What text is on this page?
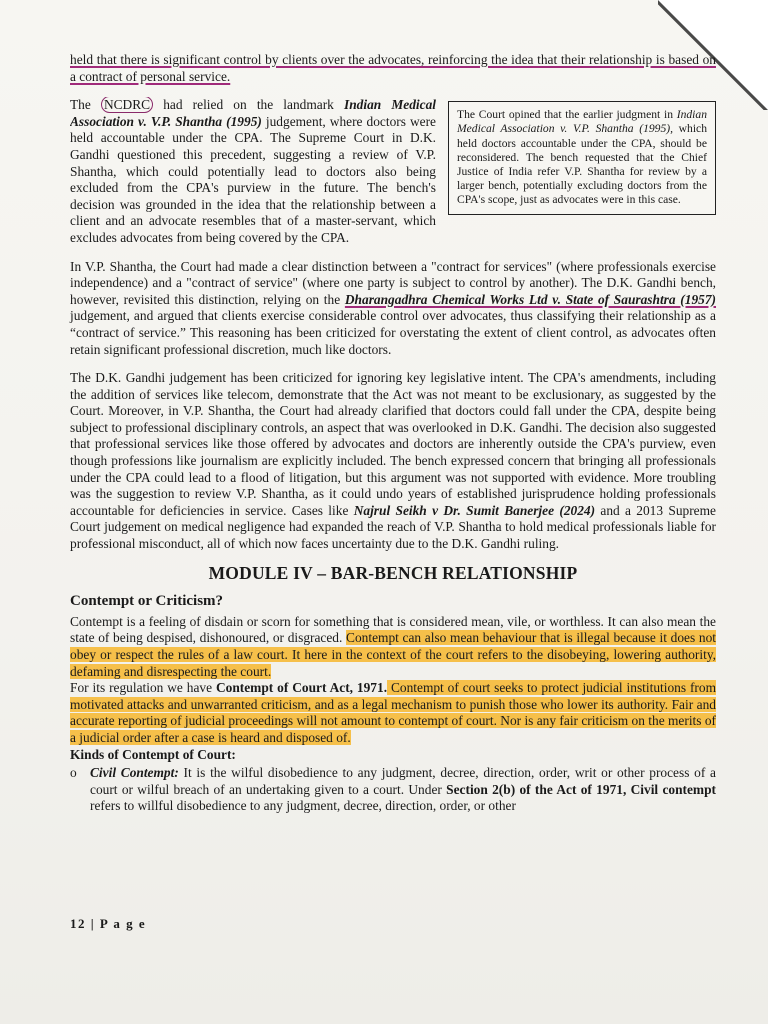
held that there is significant control by clients over the advocates, reinforcing the idea that their relationship is based on a contract of personal service.

The Court opined that the earlier judgment in Indian Medical Association v. V.P. Shantha (1995), which held doctors accountable under the CPA, should be reconsidered. The bench requested that the Chief Justice of India refer V.P. Shantha for review by a larger bench, potentially excluding doctors from the CPA's scope, just as advocates were in this case.

The NCDRC had relied on the landmark Indian Medical Association v. V.P. Shantha (1995) judgement, where doctors were held accountable under the CPA. The Supreme Court in D.K. Gandhi questioned this precedent, suggesting a review of V.P. Shantha, which could potentially lead to doctors also being excluded from the CPA's purview in the future. The bench's decision was grounded in the idea that the relationship between a client and an advocate resembles that of a master-servant, which excludes advocates from being covered by the CPA.

In V.P. Shantha, the Court had made a clear distinction between a "contract for services" (where professionals exercise independence) and a "contract of service" (where one party is subject to control by another). The D.K. Gandhi bench, however, revisited this distinction, relying on the Dharangadhra Chemical Works Ltd v. State of Saurashtra (1957) judgement, and argued that clients exercise considerable control over advocates, thus classifying their relationship as a “contract of service.” This reasoning has been criticized for overstating the extent of client control, as advocates often retain significant professional discretion, much like doctors.

The D.K. Gandhi judgement has been criticized for ignoring key legislative intent. The CPA's amendments, including the addition of services like telecom, demonstrate that the Act was not meant to be exclusionary, as suggested by the Court. Moreover, in V.P. Shantha, the Court had already clarified that doctors could fall under the CPA, despite being subject to professional disciplinary controls, an aspect that was overlooked in D.K. Gandhi. The decision also suggested that professional services like those offered by advocates and doctors are inherently outside the CPA's purview, even though professions like journalism are explicitly included. The bench expressed concern that bringing all professionals under the CPA could lead to a flood of litigation, but this argument was not supported with evidence. More troubling was the suggestion to review V.P. Shantha, as it could undo years of established jurisprudence holding professionals accountable for deficiencies in service. Cases like Najrul Seikh v Dr. Sumit Banerjee (2024) and a 2013 Supreme Court judgement on medical negligence had expanded the reach of V.P. Shantha to hold medical professionals liable for professional misconduct, all of which now faces uncertainty due to the D.K. Gandhi ruling.

MODULE IV – BAR-BENCH RELATIONSHIP
Contempt or Criticism?

Contempt is a feeling of disdain or scorn for something that is considered mean, vile, or worthless. It can also mean the state of being despised, dishonoured, or disgraced. Contempt can also mean behaviour that is illegal because it does not obey or respect the rules of a law court. It here in the context of the court refers to the disobeying, lowering authority, defaming and disrespecting the court.

For its regulation we have Contempt of Court Act, 1971. Contempt of court seeks to protect judicial institutions from motivated attacks and unwarranted criticism, and as a legal mechanism to punish those who lower its authority. Fair and accurate reporting of judicial proceedings will not amount to contempt of court. Nor is any fair criticism on the merits of a judicial order after a case is heard and disposed of.

Kinds of Contempt of Court:
o Civil Contempt: It is the wilful disobedience to any judgment, decree, direction, order, writ or other process of a court or wilful breach of an undertaking given to a court. Under Section 2(b) of the Act of 1971, Civil contempt refers to willful disobedience to any judgment, decree, direction, order, or other
12 | P a g e
